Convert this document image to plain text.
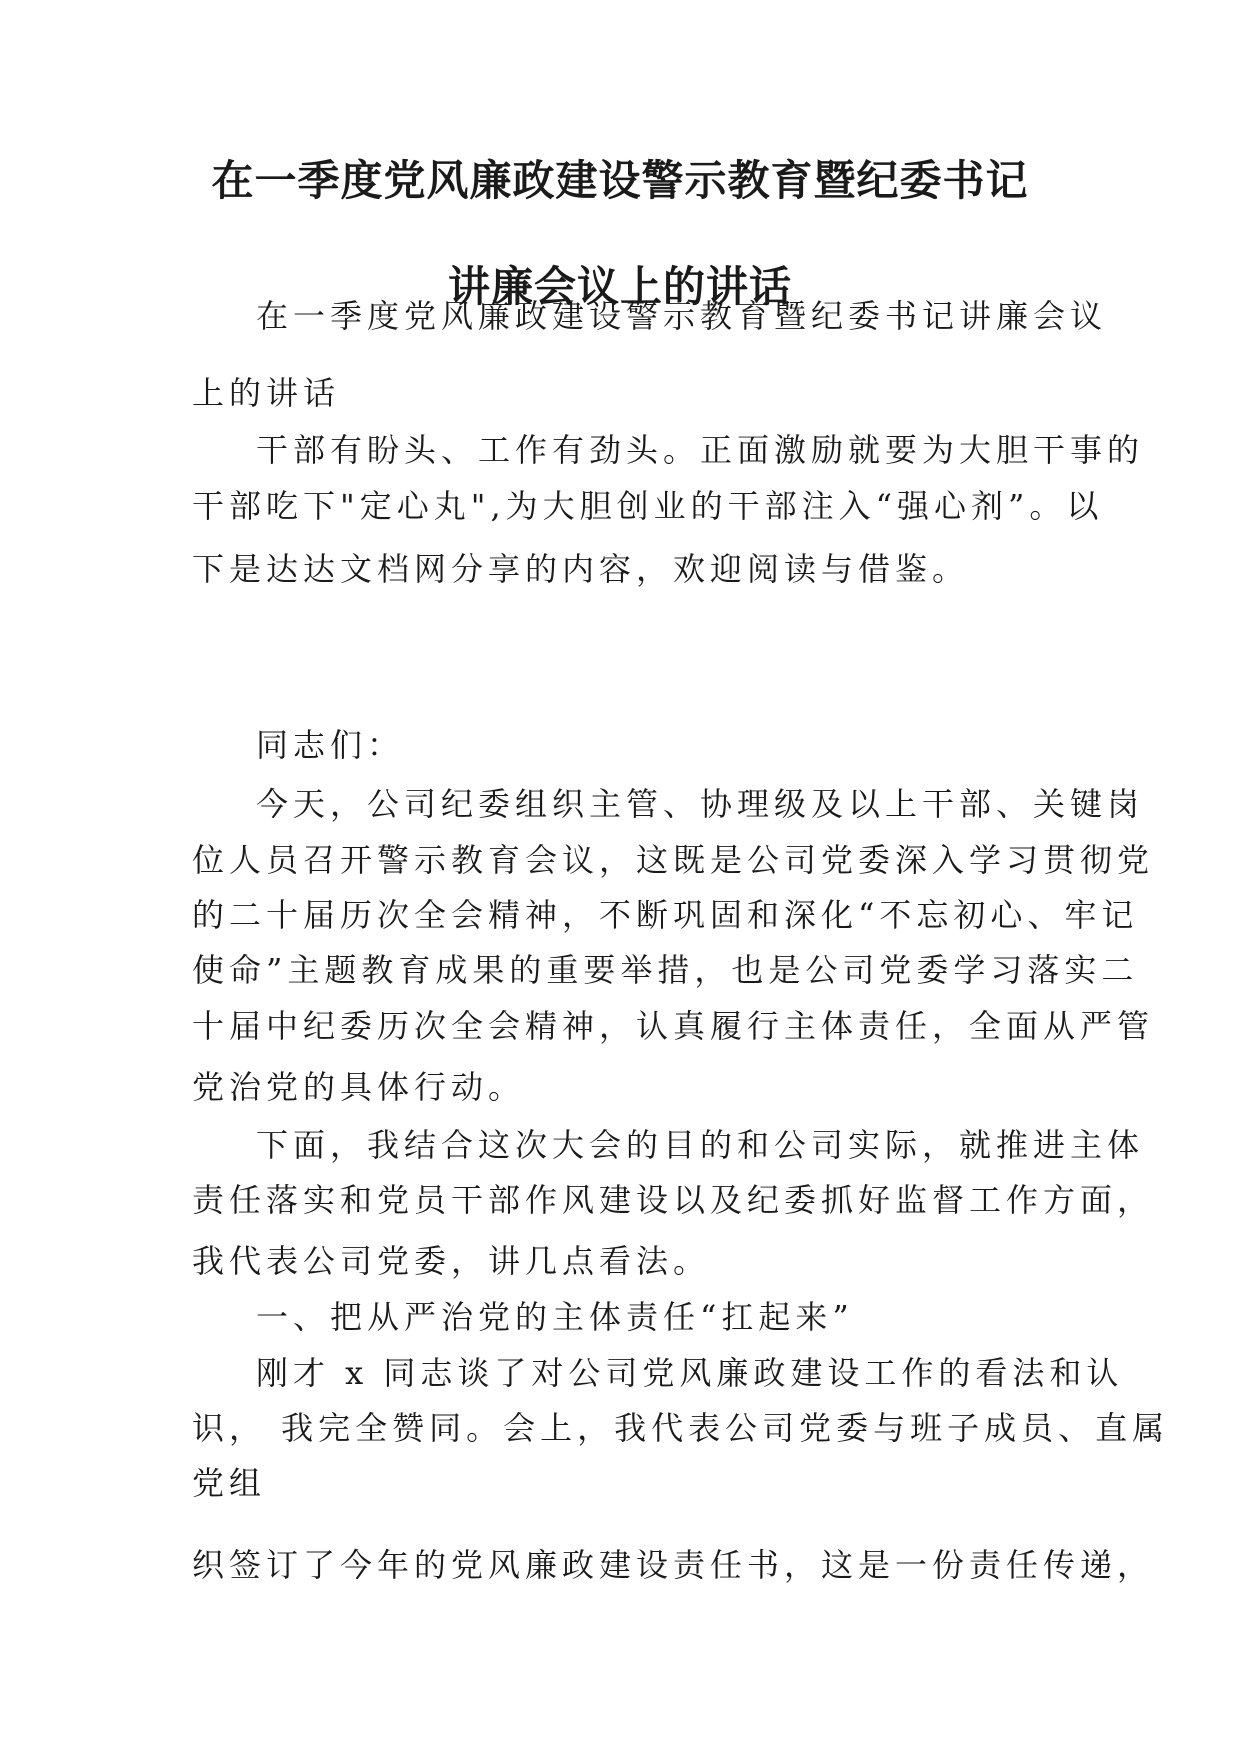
在一季度党风廉政建设警示教育暨纪委书记
讲廉会议上的讲话
在一季度党风廉政建设警示教育暨纪委书记讲廉会议
上的讲话
干部有盼头、工作有劲头。正面激励就要为大胆干事的
干部吃下"定心丸",为大胆创业的干部注入“强心剂”。以
下是达达文档网分享的内容，欢迎阅读与借鉴。
同志们：
今天，公司纪委组织主管、协理级及以上干部、关键岗
位人员召开警示教育会议，这既是公司党委深入学习贯彻党
的二十届历次全会精神，不断巩固和深化“不忘初心、牢记
使命”主题教育成果的重要举措，也是公司党委学习落实二
十届中纪委历次全会精神，认真履行主体责任，全面从严管
党治党的具体行动。
下面，我结合这次大会的目的和公司实际，就推进主体
责任落实和党员干部作风建设以及纪委抓好监督工作方面，
我代表公司党委，讲几点看法。
一、把从严治党的主体责任“扛起来”
刚才 x 同志谈了对公司党风廉政建设工作的看法和认
识， 我完全赞同。会上，我代表公司党委与班子成员、直属
党组
织签订了今年的党风廉政建设责任书，这是一份责任传递，
